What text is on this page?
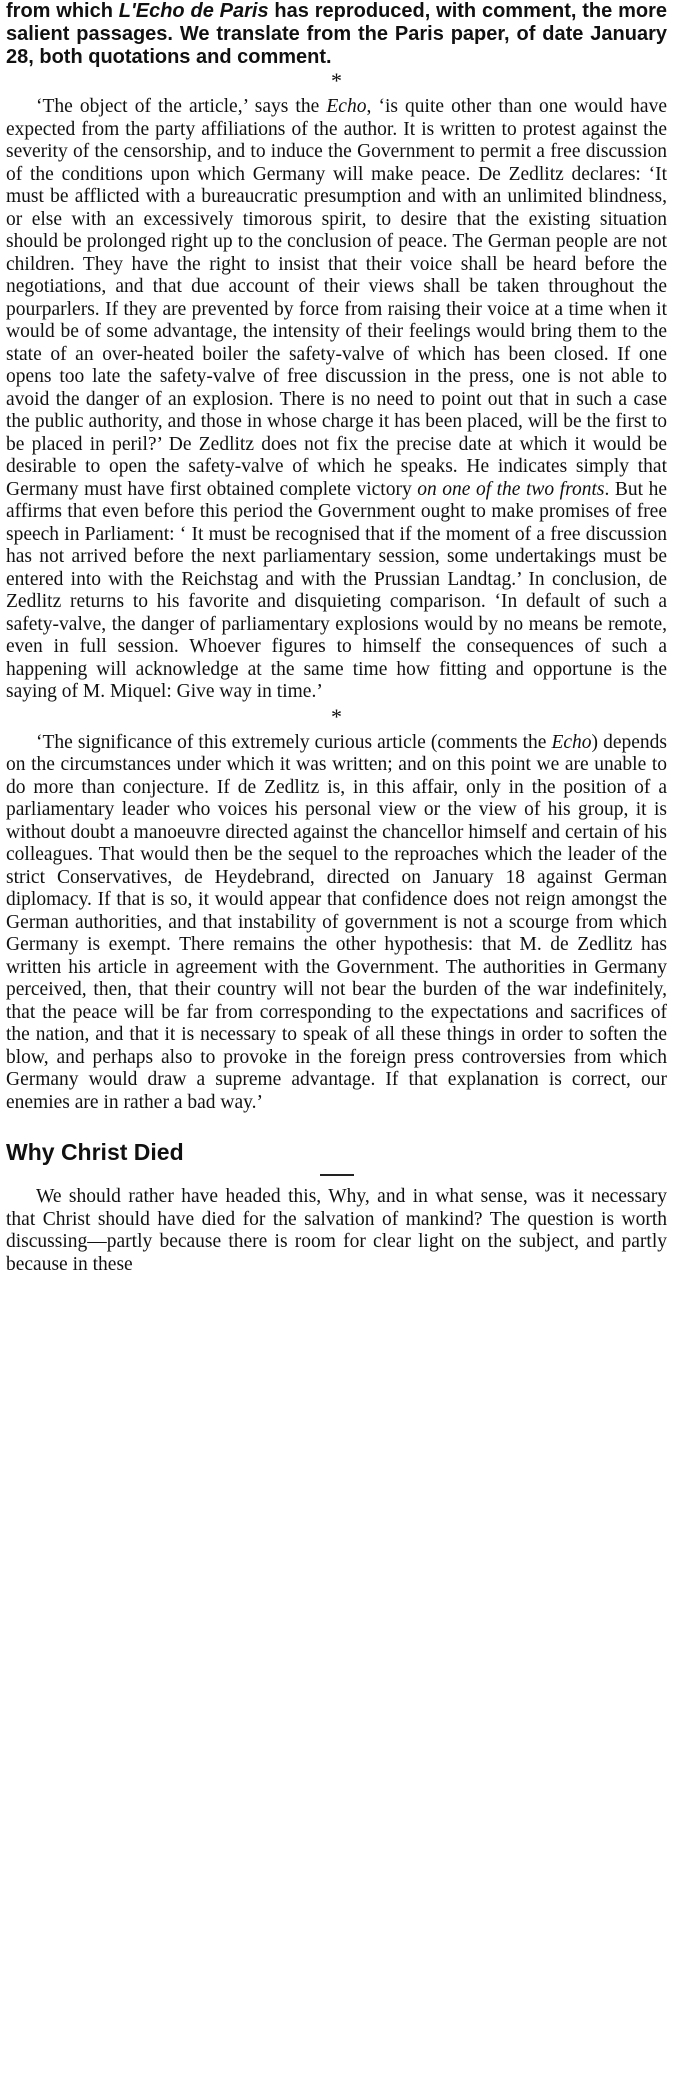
from which L'Echo de Paris has reproduced, with comment, the more salient passages. We translate from the Paris paper, of date January 28, both quotations and comment.

*

‘The object of the article,’ says the Echo, ‘is quite other than one would have expected from the party affiliations of the author. It is written to protest against the severity of the censorship, and to induce the Government to permit a free discussion of the conditions upon which Germany will make peace. De Zedlitz declares: ‘It must be afflicted with a bureaucratic presumption and with an unlimited blindness, or else with an excessively timorous spirit, to desire that the existing situation should be prolonged right up to the conclusion of peace. The German people are not children. They have the right to insist that their voice shall be heard before the negotiations, and that due account of their views shall be taken throughout the pourparlers. If they are prevented by force from raising their voice at a time when it would be of some advantage, the intensity of their feelings would bring them to the state of an over-heated boiler the safety-valve of which has been closed. If one opens too late the safety-valve of free discussion in the press, one is not able to avoid the danger of an explosion. There is no need to point out that in such a case the public authority, and those in whose charge it has been placed, will be the first to be placed in peril?’ De Zedlitz does not fix the precise date at which it would be desirable to open the safety-valve of which he speaks. He indicates simply that Germany must have first obtained complete victory on one of the two fronts. But he affirms that even before this period the Government ought to make promises of free speech in Parliament: ‘ It must be recognised that if the moment of a free discussion has not arrived before the next parliamentary session, some undertakings must be entered into with the Reichstag and with the Prussian Landtag.’ In conclusion, de Zedlitz returns to his favorite and disquieting comparison. ‘In default of such a safety-valve, the danger of parliamentary explosions would by no means be remote, even in full session. Whoever figures to himself the consequences of such a happening will acknowledge at the same time how fitting and opportune is the saying of M. Miquel: Give way in time.’

*

‘The significance of this extremely curious article (comments the Echo) depends on the circumstances under which it was written; and on this point we are unable to do more than conjecture. If de Zedlitz is, in this affair, only in the position of a parliamentary leader who voices his personal view or the view of his group, it is without doubt a manoeuvre directed against the chancellor himself and certain of his colleagues. That would then be the sequel to the reproaches which the leader of the strict Conservatives, de Heydebrand, directed on January 18 against German diplomacy. If that is so, it would appear that confidence does not reign amongst the German authorities, and that instability of government is not a scourge from which Germany is exempt. There remains the other hypothesis: that M. de Zedlitz has written his article in agreement with the Government. The authorities in Germany perceived, then, that their country will not bear the burden of the war indefinitely, that the peace will be far from corresponding to the expectations and sacrifices of the nation, and that it is necessary to speak of all these things in order to soften the blow, and perhaps also to provoke in the foreign press controversies from which Germany would draw a supreme advantage. If that explanation is correct, our enemies are in rather a bad way.’

Why Christ Died

We should rather have headed this, Why, and in what sense, was it necessary that Christ should have died for the salvation of mankind? The question is worth discussing—partly because there is room for clear light on the subject, and partly because in these
